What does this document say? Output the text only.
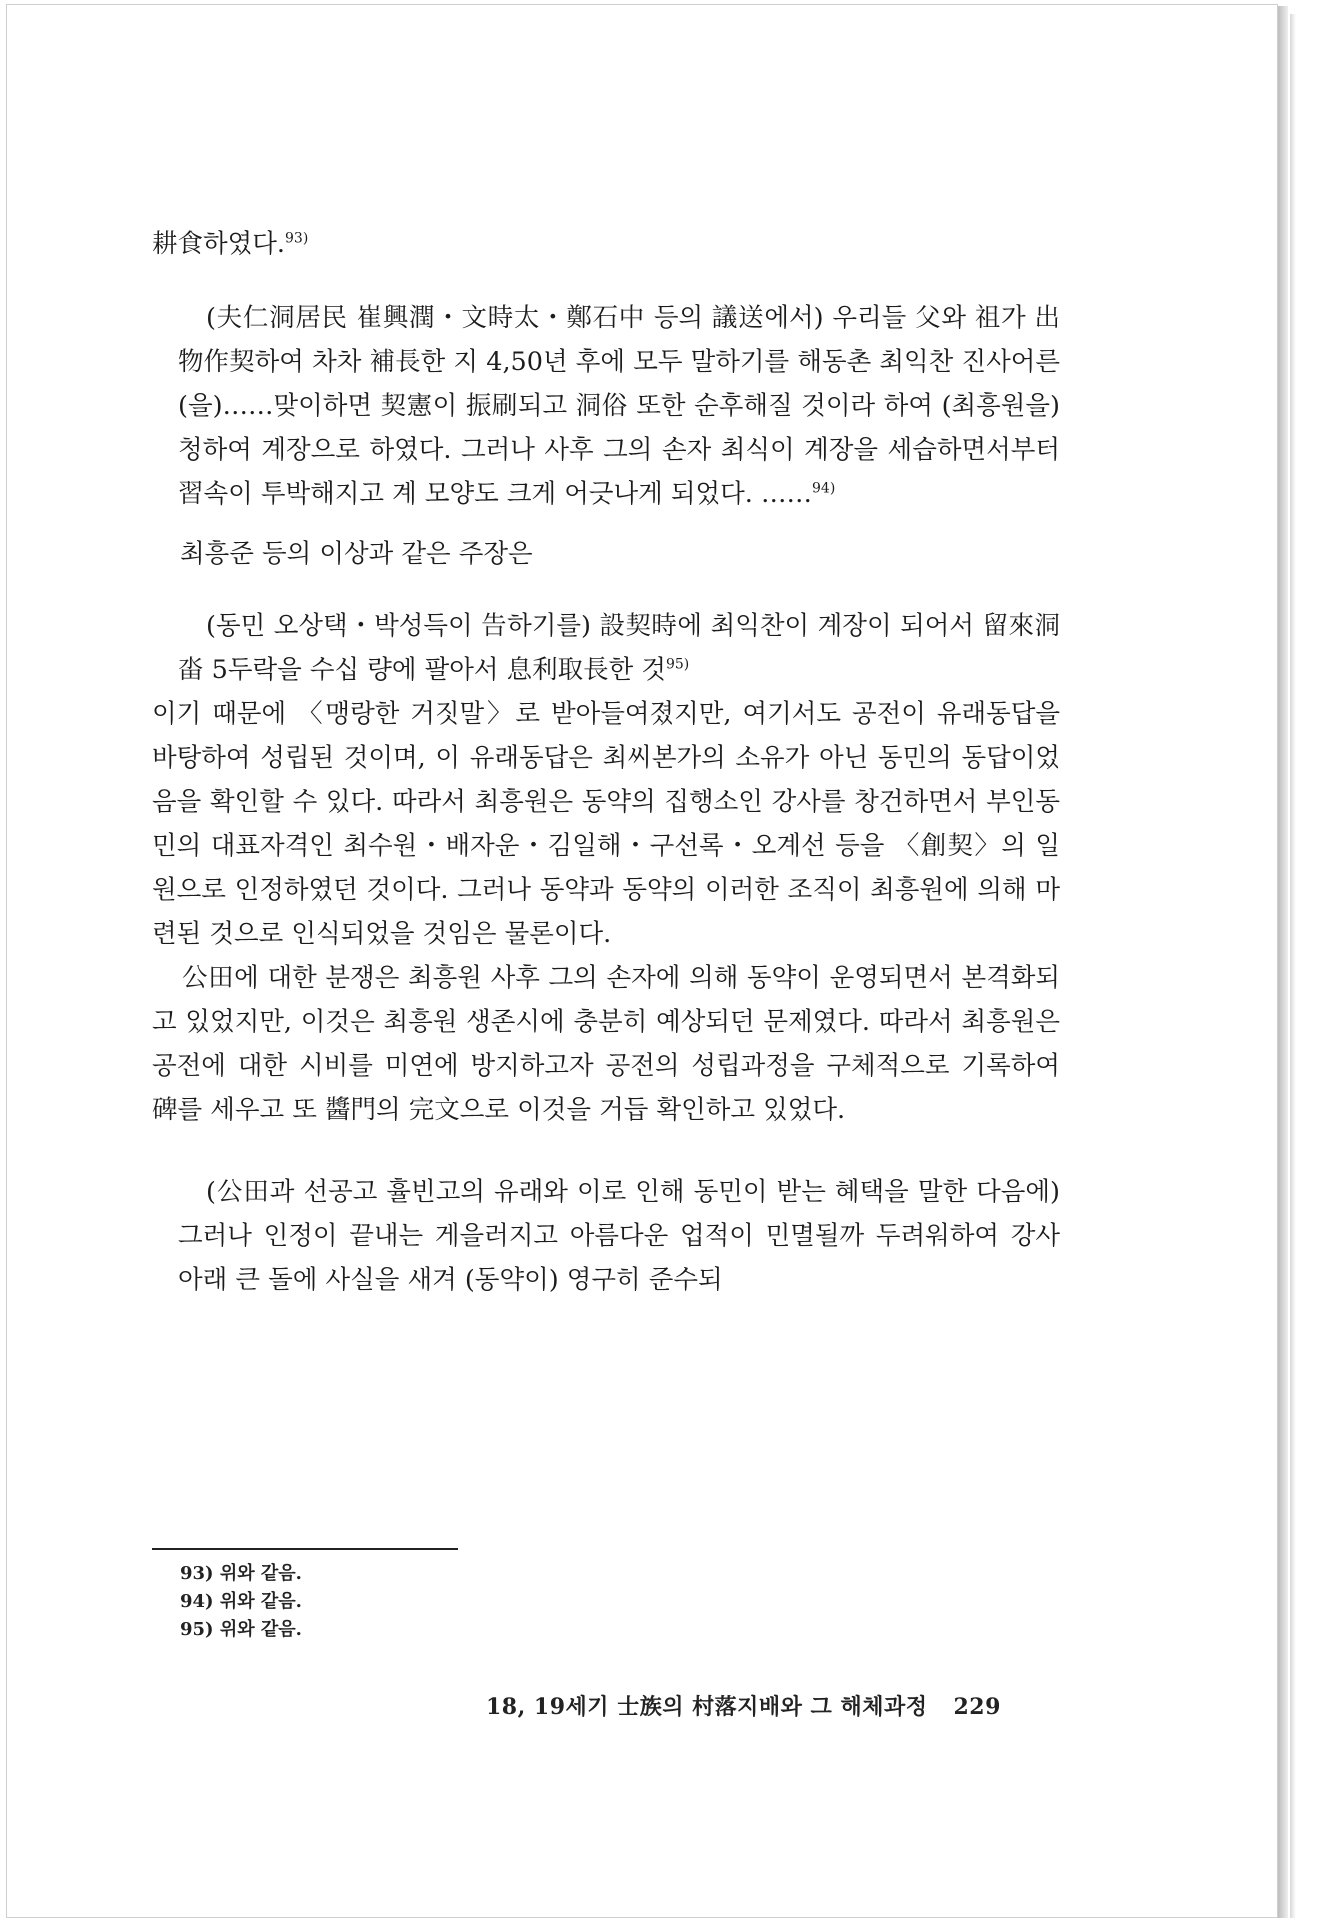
耕食하였다.$^{93)}$

(夫仁洞居民 崔興潤・文時太・鄭石中 등의 議送에서) 우리들 父와 祖가 出物作契하여 차차 補長한 지 4,50년 후에 모두 말하기를 해동촌 최익찬 진사어른(을)……맞이하면 契憲이 振刷되고 洞俗 또한 순후해질 것이라 하여 (최흥원을) 청하여 계장으로 하였다. 그러나 사후 그의 손자 최식이 계장을 세습하면서부터 習속이 투박해지고 계 모양도 크게 어긋나게 되었다. ……$^{94)}$

최흥준 등의 이상과 같은 주장은

(동민 오상택・박성득이 告하기를) 設契時에 최익찬이 계장이 되어서 留來洞畓 5두락을 수십 량에 팔아서 息利取長한 것$^{95)}$

이기 때문에 〈맹랑한 거짓말〉로 받아들여졌지만, 여기서도 공전이 유래동답을 바탕하여 성립된 것이며, 이 유래동답은 최씨본가의 소유가 아닌 동민의 동답이었음을 확인할 수 있다. 따라서 최흥원은 동약의 집행소인 강사를 창건하면서 부인동민의 대표자격인 최수원・배자운・김일해・구선록・오계선 등을 〈創契〉의 일원으로 인정하였던 것이다. 그러나 동약과 동약의 이러한 조직이 최흥원에 의해 마련된 것으로 인식되었을 것임은 물론이다.

公田에 대한 분쟁은 최흥원 사후 그의 손자에 의해 동약이 운영되면서 본격화되고 있었지만, 이것은 최흥원 생존시에 충분히 예상되던 문제였다. 따라서 최흥원은 공전에 대한 시비를 미연에 방지하고자 공전의 성립과정을 구체적으로 기록하여 碑를 세우고 또 醬門의 完文으로 이것을 거듭 확인하고 있었다.

(公田과 선공고 휼빈고의 유래와 이로 인해 동민이 받는 혜택을 말한 다음에) 그러나 인정이 끝내는 게을러지고 아름다운 업적이 민멸될까 두려워하여 강사 아래 큰 돌에 사실을 새겨 (동약이) 영구히 준수되

93) 위와 같음.
94) 위와 같음.
95) 위와 같음.
18, 19세기 士族의 村落지배와 그 해체과정 229
